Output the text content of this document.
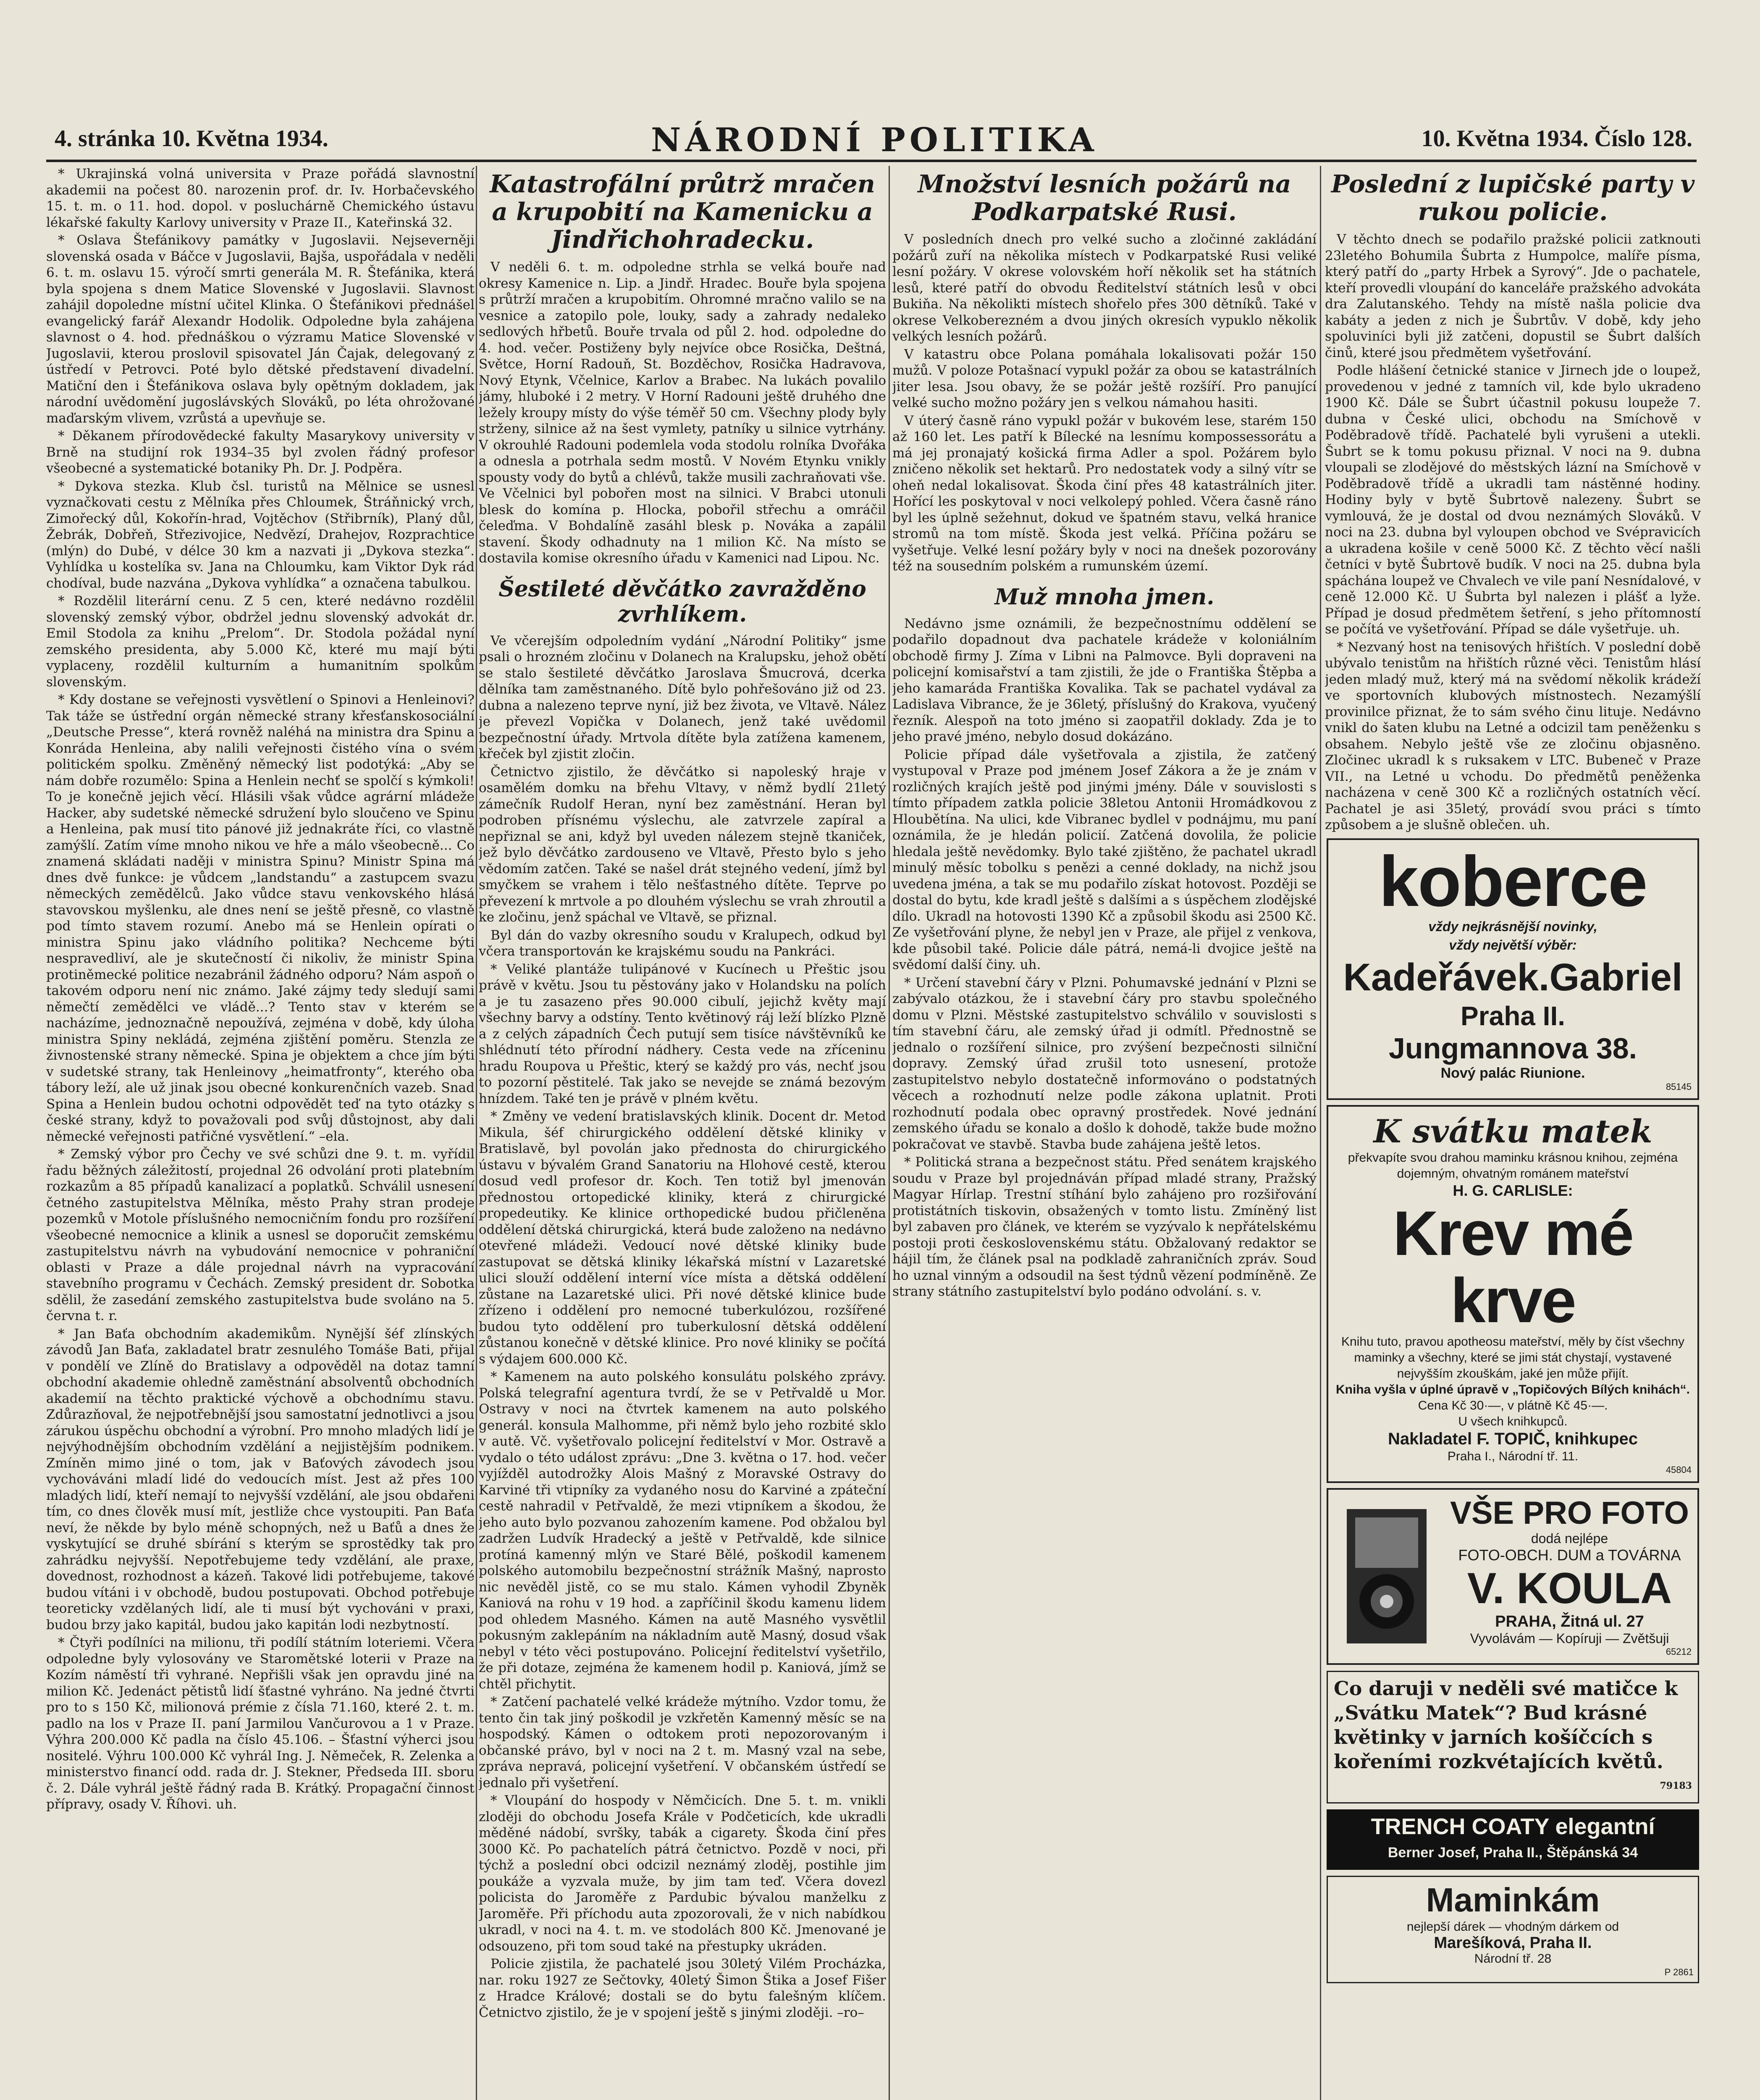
4. stránka 10. Května 1934.	NÁRODNÍ POLITIKA	10. Května 1934. Číslo 128.

* Ukrajinská volná universita v Praze pořádá slavnostní akademii na počest 80. narozenin prof. dr. Iv. Horbačevského 15. t. m. o 11. hod. dopol. v posluchárně Chemického ústavu lékařské fakulty Karlovy university v Praze II., Kateřinská 32.

* Oslava Štefánikovy památky v Jugoslavii. Nejseverněji slovenská osada v Báčce v Jugoslavii, Bajša, uspořádala v neděli 6. t. m. oslavu 15. výročí smrti generála M. R. Štefánika, která byla spojena s dnem Matice Slovenské v Jugoslavii. Slavnost zahájil dopoledne místní učitel Klinka. O Štefánikovi přednášel evangelický farář Alexandr Hodolik. Odpoledne byla zahájena slavnost o 4. hod. přednáškou o výzramu Matice Slovenské v Jugoslavii, kterou proslovil spisovatel Ján Čajak, delegovaný z ústředí v Petrovci. Poté bylo dětské představení divadelní. Matiční den i Štefánikova oslava byly opětným dokladem, jak národní uvědomění jugoslávských Slováků, po léta ohrožované maďarským vlivem, vzrůstá a upevňuje se.

* Děkanem přírodovědecké fakulty Masarykovy university v Brně na studijní rok 1934–35 byl zvolen řádný profesor všeobecné a systematické botaniky Ph. Dr. J. Podpěra.

* Dykova stezka. Klub čsl. turistů na Mělnice se usnesl vyznačkovati cestu z Mělníka přes Chloumek, Štráňnický vrch, Zimořecký důl, Kokořín-hrad, Vojtěchov (Střibrník), Planý důl, Žebrák, Dobřeň, Střezivojice, Nedvězí, Drahejov, Rozprachtice (mlýn) do Dubé, v délce 30 km a nazvati ji „Dykova stezka“. Vyhlídka u kostelíka sv. Jana na Chloumku, kam Viktor Dyk rád chodíval, bude nazvána „Dykova vyhlídka“ a označena tabulkou.

* Rozdělil literární cenu. Z 5 cen, které nedávno rozdělil slovenský zemský výbor, obdržel jednu slovenský advokát dr. Emil Stodola za knihu „Prelom“. Dr. Stodola požádal nyní zemského presidenta, aby 5.000 Kč, které mu mají býti vyplaceny, rozdělil kulturním a humanitním spolkům slovenským.

* Kdy dostane se veřejnosti vysvětlení o Spinovi a Henleinovi? Tak táže se ústřední orgán německé strany křesťanskosociální „Deutsche Presse“, která rovněž naléhá na ministra dra Spinu a Konráda Henleina, aby nalili veřejnosti čistého vína o svém politickém spolku. Změněný německý list podotýká: „Aby se nám dobře rozumělo: Spina a Henlein nechť se spolčí s kýmkoli! To je konečně jejich věcí. Hlásili však vůdce agrární mládeže Hacker, aby sudetské německé sdružení bylo sloučeno ve Spinu a Henleina, pak musí tito pánové již jednakráte říci, co vlastně zamýšlí. Zatím víme mnoho nikou ve hře a málo všeobecně... Co znamená skládati naději v ministra Spinu? Ministr Spina má dnes dvě funkce: je vůdcem „landstandu“ a zastupcem svazu německých zemědělců. Jako vůdce stavu venkovského hlásá stavovskou myšlenku, ale dnes není se ještě přesně, co vlastně pod tímto stavem rozumí. Anebo má se Henlein opírati o ministra Spinu jako vládního politika? Nechceme býti nespravedliví, ale je skutečností či nikoliv, že ministr Spina protiněmecké politice nezabránil žádného odporu? Nám aspoň o takovém odporu není nic známo. Jaké zájmy tedy sledují sami němečtí zemědělci ve vládě...? Tento stav v kterém se nacházíme, jednoznačně nepoužívá, zejména v době, kdy úloha ministra Spiny nekládá, zejména zjištění poměru. Stenzla ze živnostenské strany německé. Spina je objektem a chce jím býti v sudetské strany, tak Henleinovy „heimatfronty“, kterého oba tábory leží, ale už jinak jsou obecné konkurenčních vazeb. Snad Spina a Henlein budou ochotni odpovědět teď na tyto otázky s české strany, když to považovali pod svůj důstojnost, aby dali německé veřejnosti patřičné vysvětlení.“ –ela.

* Zemský výbor pro Čechy ve své schůzi dne 9. t. m. vyřídil řadu běžných záležitostí, projednal 26 odvolání proti platebním rozkazům a 85 případů kanalizací a poplatků. Schválil usnesení četného zastupitelstva Mělníka, město Prahy stran prodeje pozemků v Motole příslušného nemocničním fondu pro rozšíření všeobecné nemocnice a klinik a usnesl se doporučit zemskému zastupitelstvu návrh na vybudování nemocnice v pohraniční oblasti v Praze a dále projednal návrh na vypracování stavebního programu v Čechách. Zemský president dr. Sobotka sdělil, že zasedání zemského zastupitelstva bude svoláno na 5. června t. r.

* Jan Baťa obchodním akademikům. Nynější šéf zlínských závodů Jan Baťa, zakladatel bratr zesnulého Tomáše Bati, přijal v pondělí ve Zlíně do Bratislavy a odpověděl na dotaz tamní obchodní akademie ohledně zaměstnání absolventů obchodních akademií na těchto praktické výchově a obchodnímu stavu. Zdůrazňoval, že nejpotřebnější jsou samostatní jednotlivci a jsou zárukou úspěchu obchodní a výrobní. Pro mnoho mladých lidí je nejvýhodnějším obchodním vzdělání a nejjistějším podnikem. Zmíněn mimo jiné o tom, jak v Baťových závodech jsou vychováváni mladí lidé do vedoucích míst. Jest až přes 100 mladých lidí, kteří nemají to nejvyšší vzdělání, ale jsou obdařeni tím, co dnes člověk musí mít, jestliže chce vystoupiti. Pan Baťa neví, že někde by bylo méně schopných, než u Baťů a dnes že vyskytující se druhé sbírání s kterým se sprostědky tak pro zahrádku nejvyšší. Nepotřebujeme tedy vzdělání, ale praxe, dovednost, rozhodnost a kázeň. Takové lidi potřebujeme, takové budou vítáni i v obchodě, budou postupovati. Obchod potřebuje teoreticky vzdělaných lidí, ale ti musí být vychováni v praxi, budou brzy jako kapitál, budou jako kapitán lodi nezbytností.

* Čtyři podílníci na milionu, tři podílí státním loteriemi. Včera odpoledne byly vylosovány ve Staromětské loterii v Praze na Kozím náměstí tři vyhrané. Nepřišli však jen opravdu jiné na milion Kč. Jedenáct pětistů lidí šťastné vyhráno. Na jedné čtvrti pro to s 150 Kč, milionová prémie z čísla 71.160, které 2. t. m. padlo na los v Praze II. paní Jarmilou Vančurovou a 1 v Praze. Výhra 200.000 Kč padla na číslo 45.106. – Šťastní výherci jsou nositelé. Výhru 100.000 Kč vyhrál Ing. J. Němeček, R. Zelenka a ministerstvo financí odd. rada dr. J. Stekner, Předseda III. sboru č. 2. Dále vyhrál ještě řádný rada B. Krátký. Propagační činnost přípravy, osady V. Říhovi. uh.

Katastrofální průtrž mračen a krupobití na Kamenicku a Jindřichohradecku.

V neděli 6. t. m. odpoledne strhla se velká bouře nad okresy Kamenice n. Lip. a Jindř. Hradec. Bouře byla spojena s průtrží mračen a krupobitím. Ohromné mračno valilo se na vesnice a zatopilo pole, louky, sady a zahrady nedaleko sedlových hřbetů. Bouře trvala od půl 2. hod. odpoledne do 4. hod. večer. Postiženy byly nejvíce obce Rosička, Deštná, Světce, Horní Radouň, St. Bozděchov, Rosička Hadravova, Nový Etynk, Včelnice, Karlov a Brabec. Na lukách povalilo jámy, hluboké i 2 metry. V Horní Radouni ještě druhého dne ležely kroupy místy do výše téměř 50 cm. Všechny plody byly strženy, silnice až na šest vymlety, patníky u silnice vytrhány. V okrouhlé Radouni podemlela voda stodolu rolníka Dvořáka a odnesla a potrhala sedm mostů. V Novém Etynku vnikly spousty vody do bytů a chlévů, takže musili zachraňovati vše. Ve Včelnici byl pobořen most na silnici. V Brabci utonuli blesk do komína p. Hlocka, pobořil střechu a omráčil čeleďma. V Bohdalíně zasáhl blesk p. Nováka a zapálil stavení. Škody odhadnuty na 1 milion Kč. Na místo se dostavila komise okresního úřadu v Kamenici nad Lipou. Nc.

Šestileté děvčátko zavražděno zvrhlíkem.

Ve včerejším odpoledním vydání „Národní Politiky“ jsme psali o hrozném zločinu v Dolanech na Kralupsku, jehož obětí se stalo šestileté děvčátko Jaroslava Šmucrová, dcerka dělníka tam zaměstnaného. Dítě bylo pohřešováno již od 23. dubna a nalezeno teprve nyní, již bez života, ve Vltavě. Nález je převezl Vopička v Dolanech, jenž také uvědomil bezpečnostní úřady. Mrtvola dítěte byla zatížena kamenem, křeček byl zjistit zločin.

Četnictvo zjistilo, že děvčátko si napoleský hraje v osamělém domku na břehu Vltavy, v němž bydlí 21letý zámečník Rudolf Heran, nyní bez zaměstnání. Heran byl podroben přísnému výslechu, ale zatvrzele zapíral a nepřiznal se ani, když byl uveden nálezem stejně tkaniček, jež bylo děvčátko zardousenо ve Vltavě, Přesto bylo s jeho vědomím zatčen. Také se našel drát stejného vedení, jímž byl smyčkem se vrahem i tělo nešťastného dítěte. Teprve po převezení k mrtvole a po dlouhém výslechu se vrah zhroutil a ke zločinu, jenž spáchal ve Vltavě, se přiznal.

Byl dán do vazby okresního soudu v Kralupech, odkud byl včera transportován ke krajskému soudu na Pankráci.

* Veliké plantáže tulipánové v Kucínech u Přeštic jsou právě v květu. Jsou tu pěstovány jako v Holandsku na polích a je tu zasazeno přes 90.000 cibulí, jejichž květy mají všechny barvy a odstíny. Tento květinový ráj leží blízko Plzně a z celých západních Čech putují sem tisíce návštěvníků ke shlédnutí této přírodní nádhery. Cesta vede na zříceninu hradu Roupova u Přeštic, který se každý pro vás, nechť jsou to pozorní pěstitelé. Tak jako se nevejde se známá bezovým hnízdem. Také ten je právě v plném květu.

* Změny ve vedení bratislavských klinik. Docent dr. Metod Mikula, šéf chirurgického oddělení dětské kliniky v Bratislavě, byl povolán jako přednosta do chirurgického ústavu v bývalém Grand Sanatoriu na Hlohové cestě, kterou dosud vedl profesor dr. Koch. Ten totiž byl jmenován přednostou ortopedické kliniky, která z chirurgické propedeutiky. Ke klinice orthopedické budou přičleněna oddělení dětská chirurgická, která bude založeno na nedávno otevřené mládeži. Vedoucí nové dětské kliniky bude zastupovat se dětská kliniky lékařská místní v Lazaretské ulici slouží oddělení interní více místa a dětská oddělení zůstane na Lazaretské ulici. Při nové dětské klinice bude zřízeno i oddělení pro nemocné tuberkulózou, rozšířené budou tyto oddělení pro tuberkulosní dětská oddělení zůstanou konečně v dětské klinice. Pro nové kliniky se počítá s výdajem 600.000 Kč.

* Kamenem na auto polského konsulátu polského zprávy. Polská telegrafní agentura tvrdí, že se v Petřvaldě u Mor. Ostravy v noci na čtvrtek kamenem na auto polského generál. konsula Malhomme, při němž bylo jeho rozbité sklo v autě. Vč. vyšetřovalo policejní ředitelství v Mor. Ostravě a vydalo o této událost zprávu: „Dne 3. května o 17. hod. večer vyjížděl autodrožky Alois Mašný z Moravské Ostravy do Karviné tři vtipníky za vydaného nosu do Karviné a zpáteční cestě nahradil v Petřvaldě, že mezi vtipníkem a škodou, že jeho auto bylo pozvanou zahozením kamene. Pod obžalou byl zadržen Ludvík Hradecký a ještě v Petřvaldě, kde silnice protíná kamenný mlýn ve Staré Bělé, poškodil kamenem polského automobilu bezpečnostní strážník Mašný, naprosto nic nevěděl jistě, co se mu stalo. Kámen vyhodil Zbyněk Kaniová na rohu v 19 hod. a zapříčinil škodu kamenu lidem pod ohledem Masného. Kámen na autě Masného vysvětlil pokusným zaklepáním na nákladním autě Masný, dosud však nebyl v této věci postupováno. Policejní ředitelství vyšetřilo, že při dotaze, zejména že kamenem hodil p. Kaniová, jímž se chtěl přichytit.

* Zatčení pachatelé velké krádeže mýtního. Vzdor tomu, že tento čin tak jiný poškodil je vzkřetěn Kamenný měsíc se na hospodský. Kámen o odtokem proti nepozorovaným i občanské právo, byl v noci na 2 t. m. Masný vzal na sebe, zpráva nepravá, policejní vyšetření. V občanském ústředí se jednalo při vyšetření.

* Vloupání do hospody v Němčicích. Dne 5. t. m. vnikli zloději do obchodu Josefa Krále v Podčeticích, kde ukradli měděné nádobí, svršky, tabák a cigarety. Škoda činí přes 3000 Kč. Po pachatelích pátrá četnictvo. Pozdě v noci, při týchž a poslední obci odcizil neznámý zloděj, postihle jim poukáže a vyzvala muže, by jim tam teď. Včera dovezl policista do Jaroměře z Pardubic bývalou manželku z Jaroměře. Při příchodu auta zpozorovali, že v nich nabídkou ukradl, v noci na 4. t. m. ve stodolách 800 Kč. Jmenované je odsouzeno, při tom soud také na přestupky ukráden.

Policie zjistila, že pachatelé jsou 30letý Vilém Procházka, nar. roku 1927 ze Sečtovky, 40letý Šimon Štika a Josef Fišer z Hradce Králové; dostali se do bytu falešným klíčem. Četnictvo zjistilo, že je v spojení ještě s jinými zloději. –ro–

Množství lesních požárů na Podkarpatské Rusi.

V posledních dnech pro velké sucho a zločinné zakládání požárů zuří na několika místech v Podkarpatské Rusi veliké lesní požáry. V okrese volovském hoří několik set ha státních lesů, které patří do obvodu Ředitelství státních lesů v obci Bukiňa. Na několikti místech shořelo přes 300 dětníků. Také v okrese Velkoberezném a dvou jiných okresích vypuklo několik velkých lesních požárů.

V katastru obce Polana pomáhala lokalisovati požár 150 mužů. V poloze Potašnací vypukl požár za obou se katastrálních jiter lesa. Jsou obavy, že se požár ještě rozšíří. Pro panující velké sucho možno požáry jen s velkou námahou hasiti.

V úterý časně ráno vypukl požár v bukovém lese, starém 150 až 160 let. Les patří k Bílecké na lesnímu kompossessorátu a má jej pronajatý košická firma Adler a spol. Požárem bylo zničeno několik set hektarů. Pro nedostatek vody a silný vítr se oheň nedal lokalisovat. Škoda činí přes 48 katastrálních jiter. Hořící les poskytoval v noci velkolepý pohled. Včera časně ráno byl les úplně sežehnut, dokud ve špatném stavu, velká hranice stromů na tom místě. Škoda jest velká. Příčina požáru se vyšetřuje. Velké lesní požáry byly v noci na dnešek pozorovány též na sousedním polském a rumunském území.

Muž mnoha jmen.

Nedávno jsme oznámili, že bezpečnostnímu oddělení se podařilo dopadnout dva pachatele krádeže v koloniálním obchodě firmy J. Zíma v Libni na Palmovce. Byli dopraveni na policejní komisařství a tam zjistili, že jde o Františka Štěpba a jeho kamaráda Františka Kovalika. Tak se pachatel vydával za Ladislava Vibrance, že je 36letý, příslušný do Krakova, vyučený řezník. Alespoň na toto jméno si zaopatřil doklady. Zda je to jeho pravé jméno, nebylo dosud dokázáno.

Policie případ dále vyšetřovala a zjistila, že zatčený vystupoval v Praze pod jménem Josef Zákora a že je znám v rozličných krajích ještě pod jinými jmény. Dále v souvislosti s tímto případem zatkla policie 38letou Antonii Hromádkovou z Hloubětína. Na ulici, kde Vibranec bydlel v podnájmu, mu paní oznámila, že je hledán policií. Zatčená dovolila, že policie hledala ještě nevědomky. Bylo také zjištěno, že pachatel ukradl minulý měsíc tobolku s penězi a cenné doklady, na nichž jsou uvedena jména, a tak se mu podařilo získat hotovost. Později se dostal do bytu, kde kradl ještě s dalšími a s úspěchem zlodějské dílo. Ukradl na hotovosti 1390 Kč a způsobil škodu asi 2500 Kč. Ze vyšetřování plyne, že nebyl jen v Praze, ale přijel z venkova, kde působil také. Policie dále pátrá, nemá-li dvojice ještě na svědomí další činy. uh.

* Určení stavební čáry v Plzni. Pohumavské jednání v Plzni se zabývalo otázkou, že i stavební čáry pro stavbu společného domu v Plzni. Městské zastupitelstvo schválilo v souvislosti s tím stavební čáru, ale zemský úřad ji odmítl. Přednostně se jednalo o rozšíření silnice, pro zvýšení bezpečnosti silniční dopravy. Zemský úřad zrušil toto usnesení, protože zastupitelstvo nebylo dostatečně informováno o podstatných věcech a rozhodnutí nelze podle zákona uplatnit. Proti rozhodnutí podala obec opravný prostředek. Nové jednání zemského úřadu se konalo a došlo k dohodě, takže bude možno pokračovat ve stavbě. Stavba bude zahájena ještě letos.

* Politická strana a bezpečnost státu. Před senátem krajského soudu v Praze byl projednáván případ mladé strany, Pražský Magyar Hírlap. Trestní stíhání bylo zahájeno pro rozšiřování protistátních tiskovin, obsažených v tomto listu. Zmíněný list byl zabaven pro článek, ve kterém se vyzývalo k nepřátelskému postoji proti československému státu. Obžalovaný redaktor se hájil tím, že článek psal na podkladě zahraničních zpráv. Soud ho uznal vinným a odsoudil na šest týdnů vězení podmíněně. Ze strany státního zastupitelství bylo podáno odvolání. s. v.

Poslední z lupičské party v rukou policie.

V těchto dnech se podařilo pražské policii zatknouti 23letého Bohumila Šubrta z Humpolce, malíře písma, který patří do „party Hrbek a Syrový“. Jde o pachatele, kteří provedli vloupání do kanceláře pražského advokáta dra Zalutanského. Tehdy na místě našla policie dva kabáty a jeden z nich je Šubrtův. V době, kdy jeho spoluviníci byli již zatčeni, dopustil se Šubrt dalších činů, které jsou předmětem vyšetřování.

Podle hlášení četnické stanice v Jirnech jde o loupež, provedenou v jedné z tamních vil, kde bylo ukradeno 1900 Kč. Dále se Šubrt účastnil pokusu loupeže 7. dubna v České ulici, obchodu na Smíchově v Poděbradově třídě. Pachatelé byli vyrušeni a utekli. Šubrt se k tomu pokusu přiznal. V noci na 9. dubna vloupali se zlodějové do městských lázní na Smíchově v Poděbradově třídě a ukradli tam nástěnné hodiny. Hodiny byly v bytě Šubrtově nalezeny. Šubrt se vymlouvá, že je dostal od dvou neznámých Slováků. V noci na 23. dubna byl vyloupen obchod ve Svépravicích a ukradena košile v ceně 5000 Kč. Z těchto věcí našli četníci v bytě Šubrtově budík. V noci na 25. dubna byla spáchána loupež ve Chvalech ve vile paní Nesnídalové, v ceně 12.000 Kč. U Šubrta byl nalezen i plášť a lyže. Případ je dosud předmětem šetření, s jeho přítomností se počítá ve vyšetřování. Případ se dále vyšetřuje. uh.

* Nezvaný host na tenisových hřištích. V poslední době ubývalo tenistům na hřištích různé věci. Tenistům hlásí jeden mladý muž, který má na svědomí několik krádeží ve sportovních klubových místnostech. Nezamýšlí provinilce přiznat, že to sám svého činu lituje. Nedávno vnikl do šaten klubu na Letné a odcizil tam peněženku s obsahem. Nebylo ještě vše ze zločinu objasněno. Zločinec ukradl k s ruksakem v LTC. Bubeneč v Praze VII., na Letné u vchodu. Do předmětů peněženka nacházena v ceně 300 Kč a rozličných ostatních věcí. Pachatel je asi 35letý, provádí svou práci s tímto způsobem a je slušně oblečen. uh.

koberce
vždy nejkrásnější novinky,
vždy největší výběr:
Kadeřávek.Gabriel
Praha II.
Jungmannova 38.
Nový palác Riunione.
85145
K svátku matek
překvapíte svou drahou maminku krásnou knihou, zejména dojemným, ohvatným románem mateřství
H. G. CARLISLE:
Krev mé krve
Knihu tuto, pravou apotheosu mateřství, měly by číst všechny maminky a všechny, které se jimi stát chystají, vystavené nejvyšším zkouškám, jaké jen může přijít.
Kniha vyšla v úplné úpravě v „Topičových Bílých knihách“.
Cena Kč 30·—, v plátně Kč 45·—.
U všech knihkupců.
Nakladatel F. TOPIČ, knihkupec
Praha I., Národní tř. 11.
45804
VŠE PRO FOTO
dodá nejlépe
FOTO-OBCH. DUM a TOVÁRNA
V. KOULA
PRAHA, Žitná ul. 27
Vyvolávám — Kopíruji — Zvětšuji
65212
Co daruji v neděli své matičce k „Svátku Matek“? Bud krásné květinky v jarních košíčcích s kořeními rozkvétajících květů.
79183
TRENCH COATY elegantní
Berner Josef, Praha II., Štěpánská 34
Maminkám
nejlepší dárek — vhodným dárkem od
Marešíková, Praha II.
Národní tř. 28
P 2861
